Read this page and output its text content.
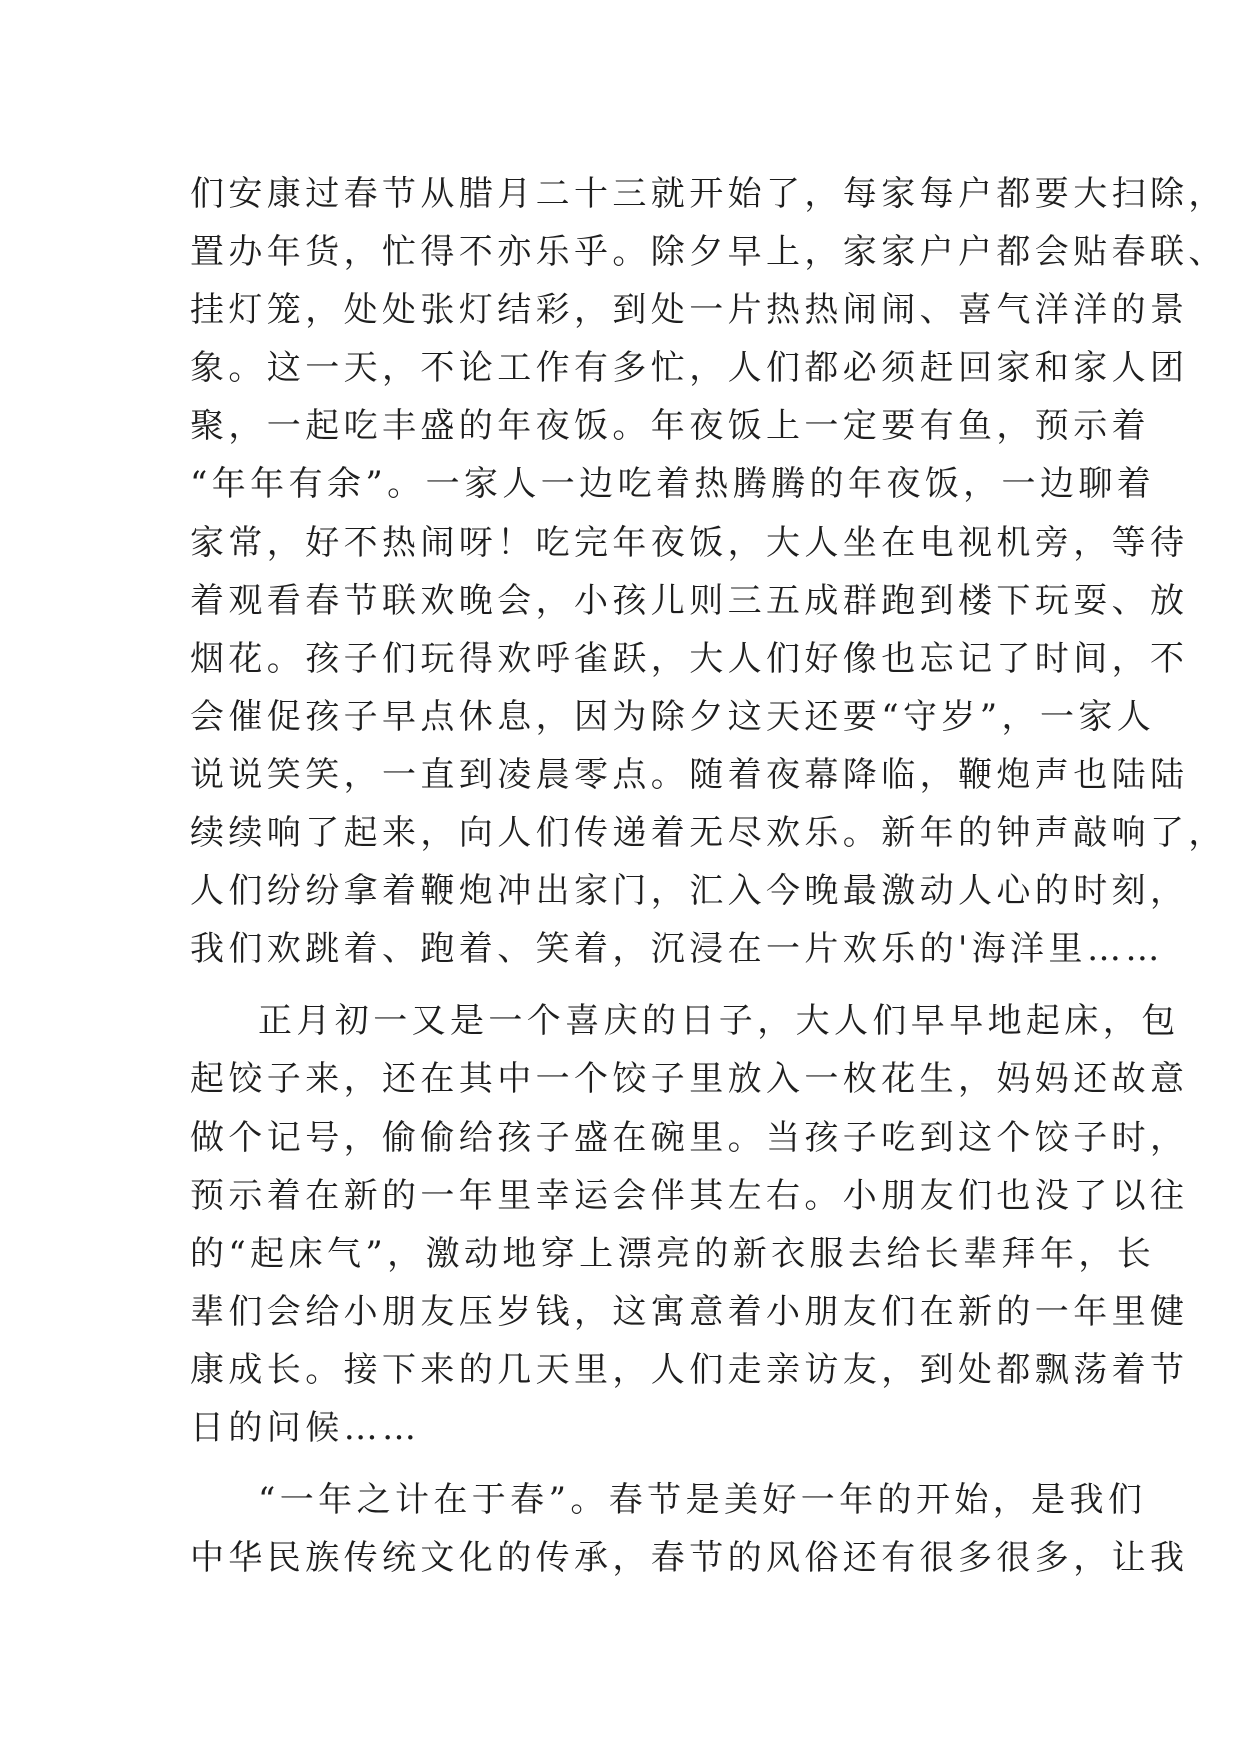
们安康过春节从腊月二十三就开始了，每家每户都要大扫除，
置办年货，忙得不亦乐乎。除夕早上，家家户户都会贴春联、
挂灯笼，处处张灯结彩，到处一片热热闹闹、喜气洋洋的景
象。这一天，不论工作有多忙，人们都必须赶回家和家人团
聚，一起吃丰盛的年夜饭。年夜饭上一定要有鱼，预示着
“年年有余”。一家人一边吃着热腾腾的年夜饭，一边聊着
家常，好不热闹呀！吃完年夜饭，大人坐在电视机旁，等待
着观看春节联欢晚会，小孩儿则三五成群跑到楼下玩耍、放
烟花。孩子们玩得欢呼雀跃，大人们好像也忘记了时间，不
会催促孩子早点休息，因为除夕这天还要“守岁”，一家人
说说笑笑，一直到凌晨零点。随着夜幕降临，鞭炮声也陆陆
续续响了起来，向人们传递着无尽欢乐。新年的钟声敲响了，
人们纷纷拿着鞭炮冲出家门，汇入今晚最激动人心的时刻，
我们欢跳着、跑着、笑着，沉浸在一片欢乐的'海洋里……
正月初一又是一个喜庆的日子，大人们早早地起床，包
起饺子来，还在其中一个饺子里放入一枚花生，妈妈还故意
做个记号，偷偷给孩子盛在碗里。当孩子吃到这个饺子时，
预示着在新的一年里幸运会伴其左右。小朋友们也没了以往
的“起床气”，激动地穿上漂亮的新衣服去给长辈拜年，长
辈们会给小朋友压岁钱，这寓意着小朋友们在新的一年里健
康成长。接下来的几天里，人们走亲访友，到处都飘荡着节
日的问候……
“一年之计在于春”。春节是美好一年的开始，是我们
中华民族传统文化的传承，春节的风俗还有很多很多，让我
